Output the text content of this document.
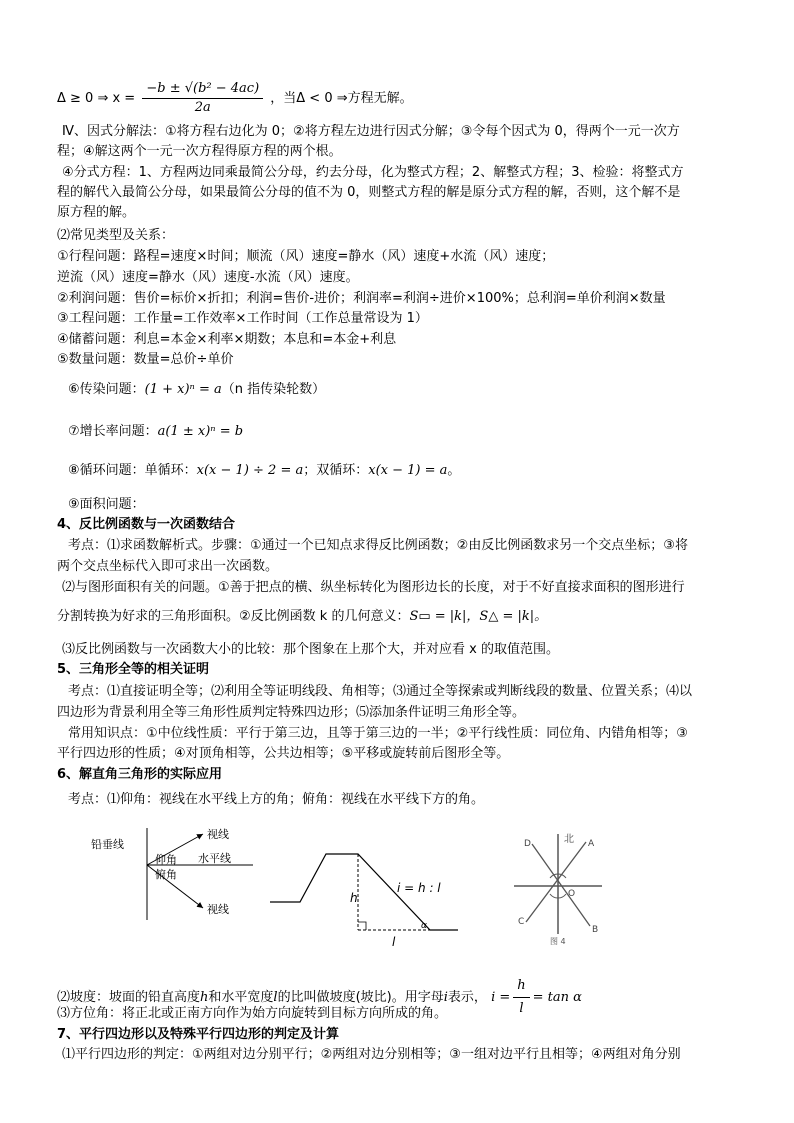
Δ ≥ 0 ⇒ $x = \frac{\text{−b ± √(b² − 4ac)}}{2a}$ ，当Δ < 0 ⇒方程无解。
Ⅳ、因式分解法：①将方程右边化为 0；②将方程左边进行因式分解；③令每个因式为 0，得两个一元一次方
程；④解这两个一元一次方程得原方程的两个根。
④分式方程：1、方程两边同乘最简公分母，约去分母，化为整式方程；2、解整式方程；3、检验：将整式方
程的解代入最简公分母，如果最简公分母的值不为 0，则整式方程的解是原分式方程的解，否则，这个解不是
原方程的解。
⑵常见类型及关系：
①行程问题：路程=速度×时间；顺流（风）速度=静水（风）速度+水流（风）速度；
逆流（风）速度=静水（风）速度-水流（风）速度。
②利润问题：售价=标价×折扣；利润=售价-进价；利润率=利润÷进价×100%；总利润=单价利润×数量
③工程问题：工作量=工作效率×工作时间（工作总量常设为 1）
④储蓄问题：利息=本金×利率×期数；本息和=本金+利息
⑤数量问题：数量=总价÷单价
⑥传染问题：(1 + x)ⁿ = a（n 指传染轮数）
⑦增长率问题：a(1 ± x)ⁿ = b
⑧循环问题：单循环：x(x − 1) ÷ 2 = a；双循环：x(x − 1) = a。
⑨面积问题：
4、反比例函数与一次函数结合
考点：⑴求函数解析式。步骤：①通过一个已知点求得反比例函数；②由反比例函数求另一个交点坐标；③将
两个交点坐标代入即可求出一次函数。
⑵与图形面积有关的问题。①善于把点的横、纵坐标转化为图形边长的长度，对于不好直接求面积的图形进行
分割转换为好求的三角形面积。②反比例函数 k 的几何意义：S▭ = |k|，S△ = |k|。
⑶反比例函数与一次函数大小的比较：那个图象在上那个大，并对应看 x 的取值范围。
5、三角形全等的相关证明
考点：⑴直接证明全等；⑵利用全等证明线段、角相等；⑶通过全等探索或判断线段的数量、位置关系；⑷以
四边形为背景利用全等三角形性质判定特殊四边形；⑸添加条件证明三角形全等。
常用知识点：①中位线性质：平行于第三边，且等于第三边的一半；②平行线性质：同位角、内错角相等；③
平行四边形的性质；④对顶角相等，公共边相等；⑤平移或旋转前后图形全等。
6、解直角三角形的实际应用
考点：⑴仰角：视线在水平线上方的角；俯角：视线在水平线下方的角。
铅垂线
视线
仰角 水平线
俯角
视线
i = h : l
h
l
α
北 A
D
C
B
O
图 4
⑵坡度：坡面的铅直高度h和水平宽度l的比叫做坡度(坡比)。用字母i表示， $i = \frac{h}{l} = \tan \alpha$
⑶方位角：将正北或正南方向作为始方向旋转到目标方向所成的角。
7、平行四边形以及特殊平行四边形的判定及计算
⑴平行四边形的判定：①两组对边分别平行；②两组对边分别相等；③一组对边平行且相等；④两组对角分别
